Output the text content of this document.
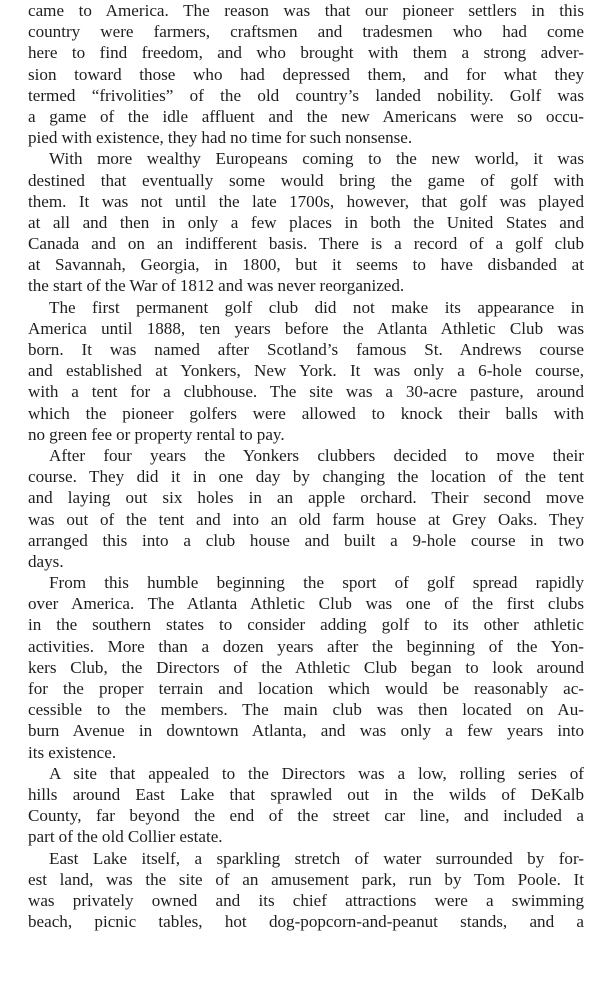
came to America. The reason was that our pioneer settlers in this
country were farmers, craftsmen and tradesmen who had come
here to find freedom, and who brought with them a strong adver-
sion toward those who had depressed them, and for what they
termed “frivolities” of the old country’s landed nobility. Golf was
a game of the idle affluent and the new Americans were so occu-
pied with existence, they had no time for such nonsense.
With more wealthy Europeans coming to the new world, it was
destined that eventually some would bring the game of golf with
them. It was not until the late 1700s, however, that golf was played
at all and then in only a few places in both the United States and
Canada and on an indifferent basis. There is a record of a golf club
at Savannah, Georgia, in 1800, but it seems to have disbanded at
the start of the War of 1812 and was never reorganized.
The first permanent golf club did not make its appearance in
America until 1888, ten years before the Atlanta Athletic Club was
born. It was named after Scotland’s famous St. Andrews course
and established at Yonkers, New York. It was only a 6-hole course,
with a tent for a clubhouse. The site was a 30-acre pasture, around
which the pioneer golfers were allowed to knock their balls with
no green fee or property rental to pay.
After four years the Yonkers clubbers decided to move their
course. They did it in one day by changing the location of the tent
and laying out six holes in an apple orchard. Their second move
was out of the tent and into an old farm house at Grey Oaks. They
arranged this into a club house and built a 9-hole course in two
days.
From this humble beginning the sport of golf spread rapidly
over America. The Atlanta Athletic Club was one of the first clubs
in the southern states to consider adding golf to its other athletic
activities. More than a dozen years after the beginning of the Yon-
kers Club, the Directors of the Athletic Club began to look around
for the proper terrain and location which would be reasonably ac-
cessible to the members. The main club was then located on Au-
burn Avenue in downtown Atlanta, and was only a few years into
its existence.
A site that appealed to the Directors was a low, rolling series of
hills around East Lake that sprawled out in the wilds of DeKalb
County, far beyond the end of the street car line, and included a
part of the old Collier estate.
East Lake itself, a sparkling stretch of water surrounded by for-
est land, was the site of an amusement park, run by Tom Poole. It
was privately owned and its chief attractions were a swimming
beach, picnic tables, hot dog-popcorn-and-peanut stands, and a
